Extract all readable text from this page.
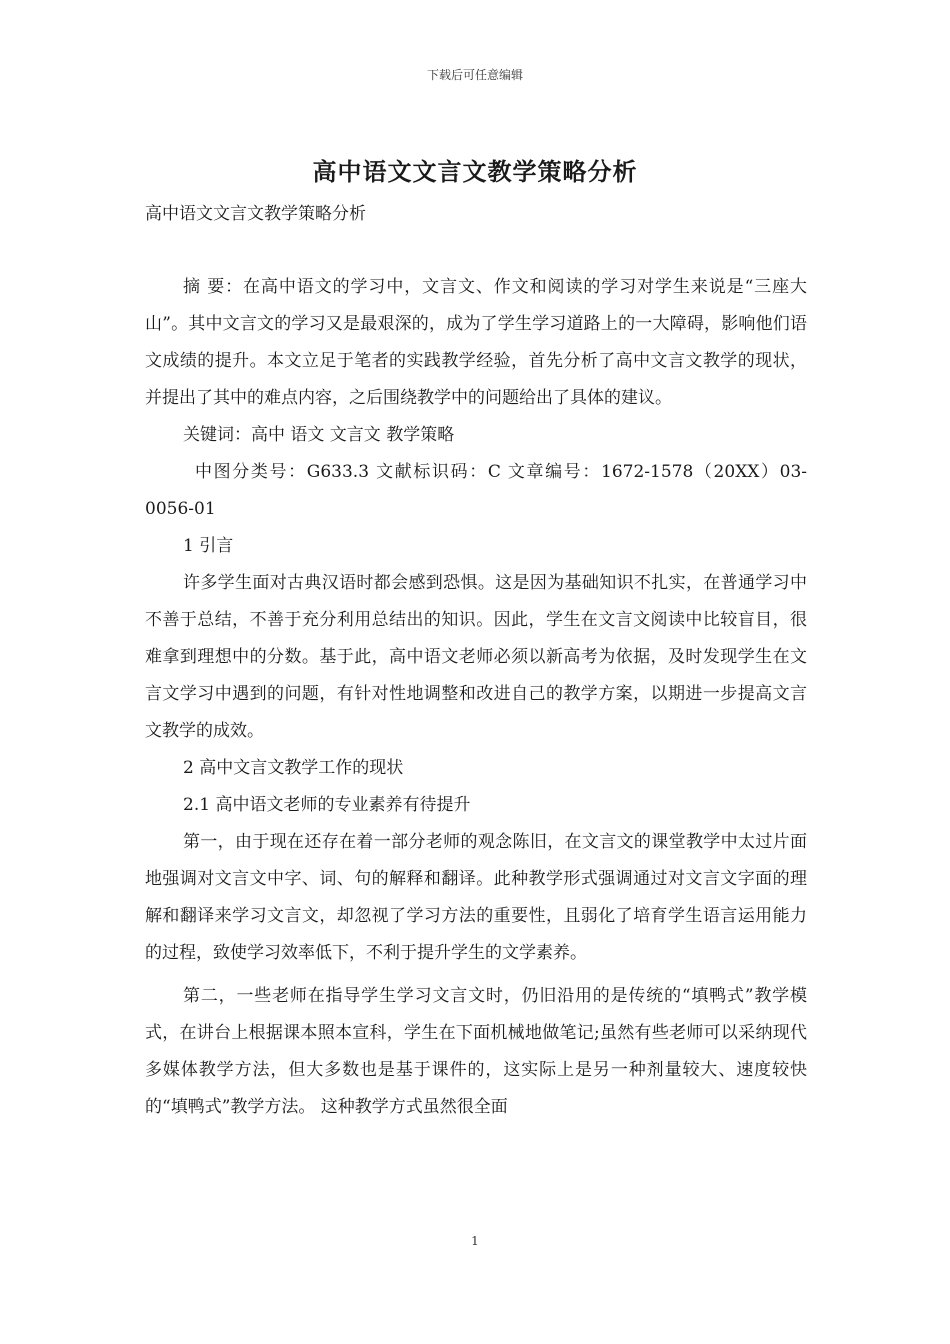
下载后可任意编辑
高中语文文言文教学策略分析

高中语文文言文教学策略分析

摘 要：在高中语文的学习中，文言文、作文和阅读的学习对学生来说是“三座大山”。其中文言文的学习又是最艰深的，成为了学生学习道路上的一大障碍，影响他们语文成绩的提升。本文立足于笔者的实践教学经验，首先分析了高中文言文教学的现状，并提出了其中的难点内容，之后围绕教学中的问题给出了具体的建议。

关键词：高中 语文 文言文 教学策略

中图分类号：G633.3 文献标识码：C 文章编号：1672-1578（20XX）03-0056-01

1 引言

许多学生面对古典汉语时都会感到恐惧。这是因为基础知识不扎实，在普通学习中不善于总结，不善于充分利用总结出的知识。因此，学生在文言文阅读中比较盲目，很难拿到理想中的分数。基于此，高中语文老师必须以新高考为依据，及时发现学生在文言文学习中遇到的问题，有针对性地调整和改进自己的教学方案，以期进一步提高文言文教学的成效。

2 高中文言文教学工作的现状

2.1 高中语文老师的专业素养有待提升

第一，由于现在还存在着一部分老师的观念陈旧，在文言文的课堂教学中太过片面地强调对文言文中字、词、句的解释和翻译。此种教学形式强调通过对文言文字面的理解和翻译来学习文言文，却忽视了学习方法的重要性，且弱化了培育学生语言运用能力的过程，致使学习效率低下，不利于提升学生的文学素养。

第二，一些老师在指导学生学习文言文时，仍旧沿用的是传统的“填鸭式”教学模式，在讲台上根据课本照本宣科，学生在下面机械地做笔记;虽然有些老师可以采纳现代多媒体教学方法，但大多数也是基于课件的，这实际上是另一种剂量较大、速度较快的“填鸭式”教学方法。 这种教学方式虽然很全面

1
